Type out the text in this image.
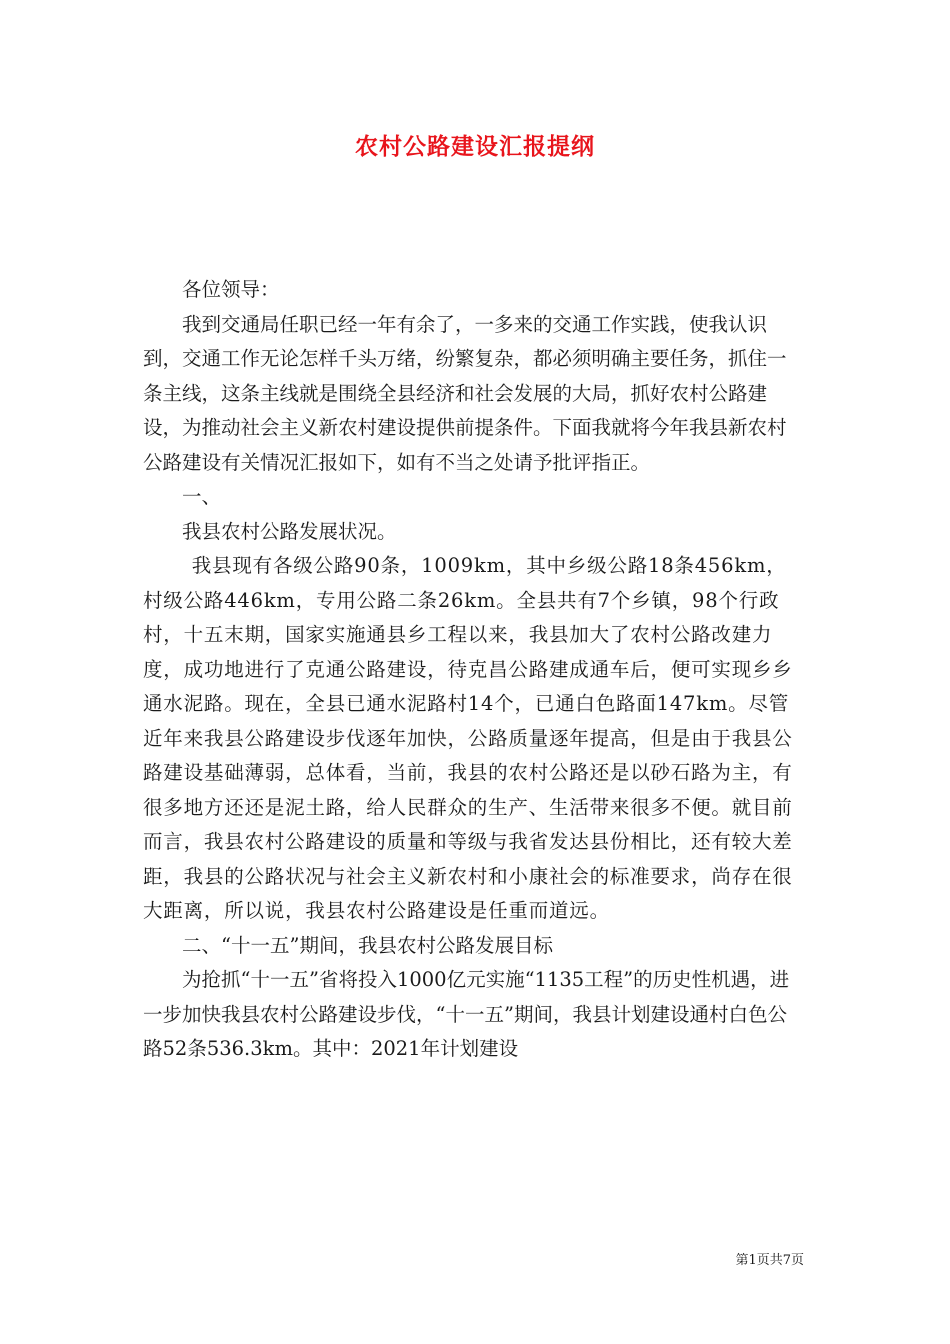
农村公路建设汇报提纲

各位领导：

我到交通局任职已经一年有余了，一多来的交通工作实践，使我认识到，交通工作无论怎样千头万绪，纷繁复杂，都必须明确主要任务，抓住一条主线，这条主线就是围绕全县经济和社会发展的大局，抓好农村公路建设，为推动社会主义新农村建设提供前提条件。下面我就将今年我县新农村公路建设有关情况汇报如下，如有不当之处请予批评指正。

一、

我县农村公路发展状况。

我县现有各级公路90条，1009km，其中乡级公路18条456km，村级公路446km，专用公路二条26km。全县共有7个乡镇，98个行政村，十五末期，国家实施通县乡工程以来，我县加大了农村公路改建力度，成功地进行了克通公路建设，待克昌公路建成通车后，便可实现乡乡通水泥路。现在，全县已通水泥路村14个，已通白色路面147km。尽管近年来我县公路建设步伐逐年加快，公路质量逐年提高，但是由于我县公路建设基础薄弱，总体看，当前，我县的农村公路还是以砂石路为主，有很多地方还还是泥土路，给人民群众的生产、生活带来很多不便。就目前而言，我县农村公路建设的质量和等级与我省发达县份相比，还有较大差距，我县的公路状况与社会主义新农村和小康社会的标准要求，尚存在很大距离，所以说，我县农村公路建设是任重而道远。

二、“十一五”期间，我县农村公路发展目标

为抢抓“十一五”省将投入1000亿元实施“1135工程”的历史性机遇，进一步加快我县农村公路建设步伐，“十一五”期间，我县计划建设通村白色公路52条536.3km。其中：2021年计划建设

第1页共7页
